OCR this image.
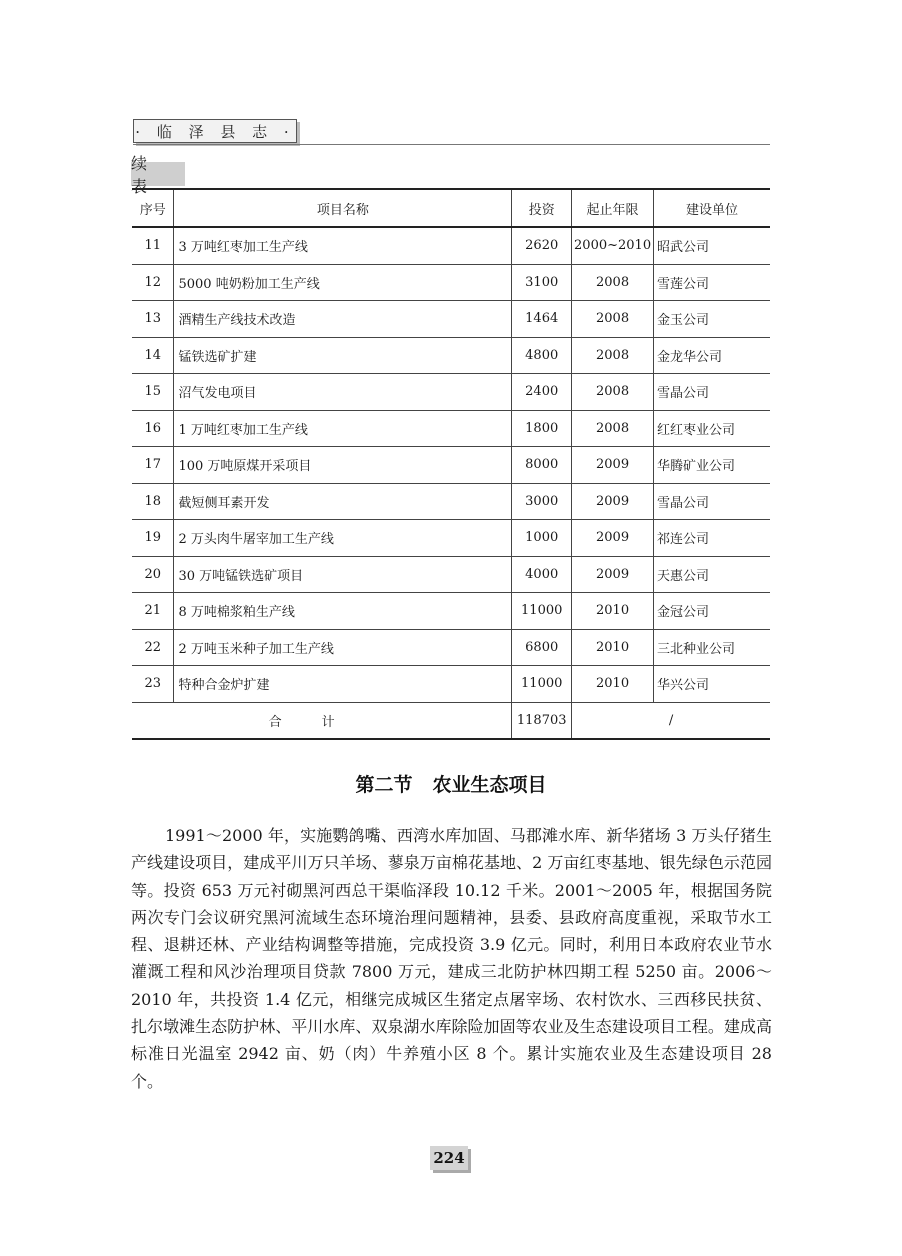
· 临 泽 县 志 ·
续 表
序号	项目名称	投资	起止年限	建设单位
11	3 万吨红枣加工生产线	2620	2000~2010	昭武公司
12	5000 吨奶粉加工生产线	3100	2008	雪莲公司
13	酒精生产线技术改造	1464	2008	金玉公司
14	锰铁选矿扩建	4800	2008	金龙华公司
15	沼气发电项目	2400	2008	雪晶公司
16	1 万吨红枣加工生产线	1800	2008	红红枣业公司
17	100 万吨原煤开采项目	8000	2009	华腾矿业公司
18	截短侧耳素开发	3000	2009	雪晶公司
19	2 万头肉牛屠宰加工生产线	1000	2009	祁连公司
20	30 万吨锰铁选矿项目	4000	2009	天惠公司
21	8 万吨棉浆粕生产线	11000	2010	金冠公司
22	2 万吨玉米种子加工生产线	6800	2010	三北种业公司
23	特种合金炉扩建	11000	2010	华兴公司
合计		118703	/	
第二节 农业生态项目
1991～2000 年，实施鹦鸽嘴、西湾水库加固、马郡滩水库、新华猪场 3 万头仔猪生产线建设项目，建成平川万只羊场、蓼泉万亩棉花基地、2 万亩红枣基地、银先绿色示范园等。投资 653 万元衬砌黑河西总干渠临泽段 10.12 千米。2001～2005 年，根据国务院两次专门会议研究黑河流域生态环境治理问题精神，县委、县政府高度重视，采取节水工程、退耕还林、产业结构调整等措施，完成投资 3.9 亿元。同时，利用日本政府农业节水灌溉工程和风沙治理项目贷款 7800 万元，建成三北防护林四期工程 5250 亩。2006～2010 年，共投资 1.4 亿元，相继完成城区生猪定点屠宰场、农村饮水、三西移民扶贫、扎尔墩滩生态防护林、平川水库、双泉湖水库除险加固等农业及生态建设项目工程。建成高标准日光温室 2942 亩、奶（肉）牛养殖小区 8 个。累计实施农业及生态建设项目 28 个。
224
